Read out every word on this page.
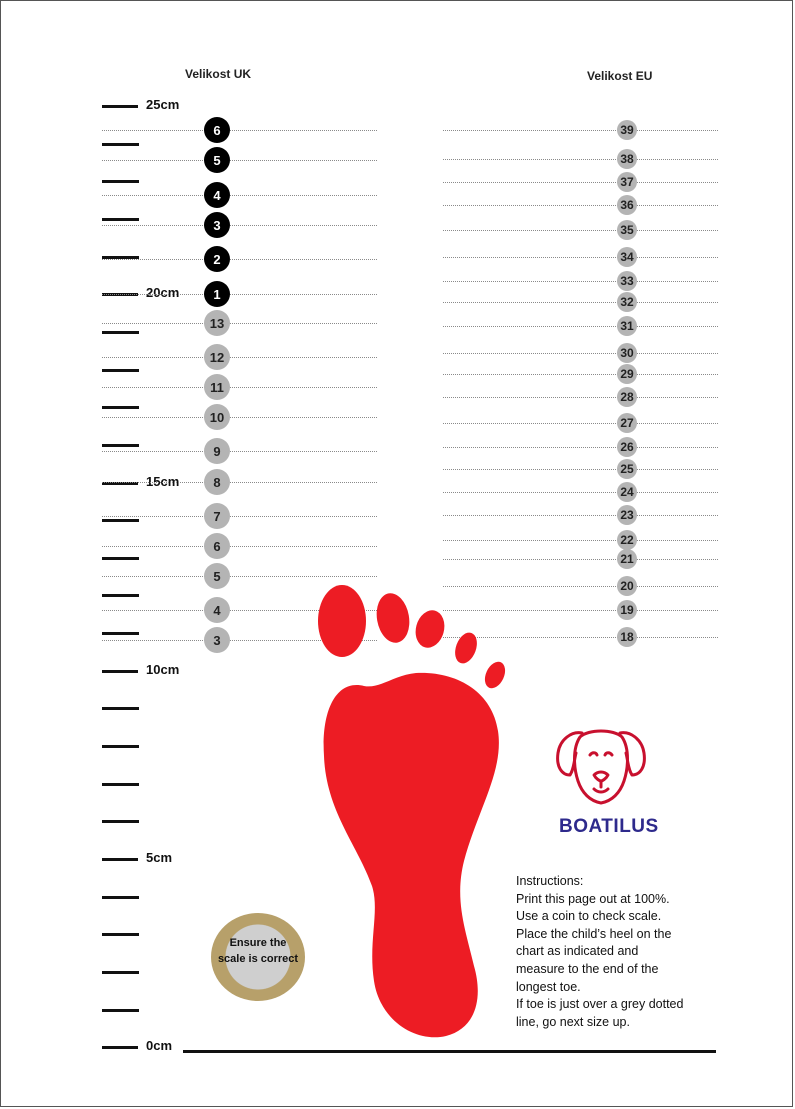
Velikost UK	Velikost EU
25cm
20cm
15cm
10cm
5cm
0cm
6
5
4
3
2
1
13
12
11
10
9
8
7
6
5
4
3
39
38
37
36
35
34
33
32
31
30
29
28
27
26
25
24
23
22
21
20
19
18
BOATILUS
Ensure the
scale is correct
Instructions:
Print this page out at 100%.
Use a coin to check scale.
Place the child’s heel on the
chart as indicated and
measure to the end of the
longest toe.
If toe is just over a grey dotted
line, go next size up.
